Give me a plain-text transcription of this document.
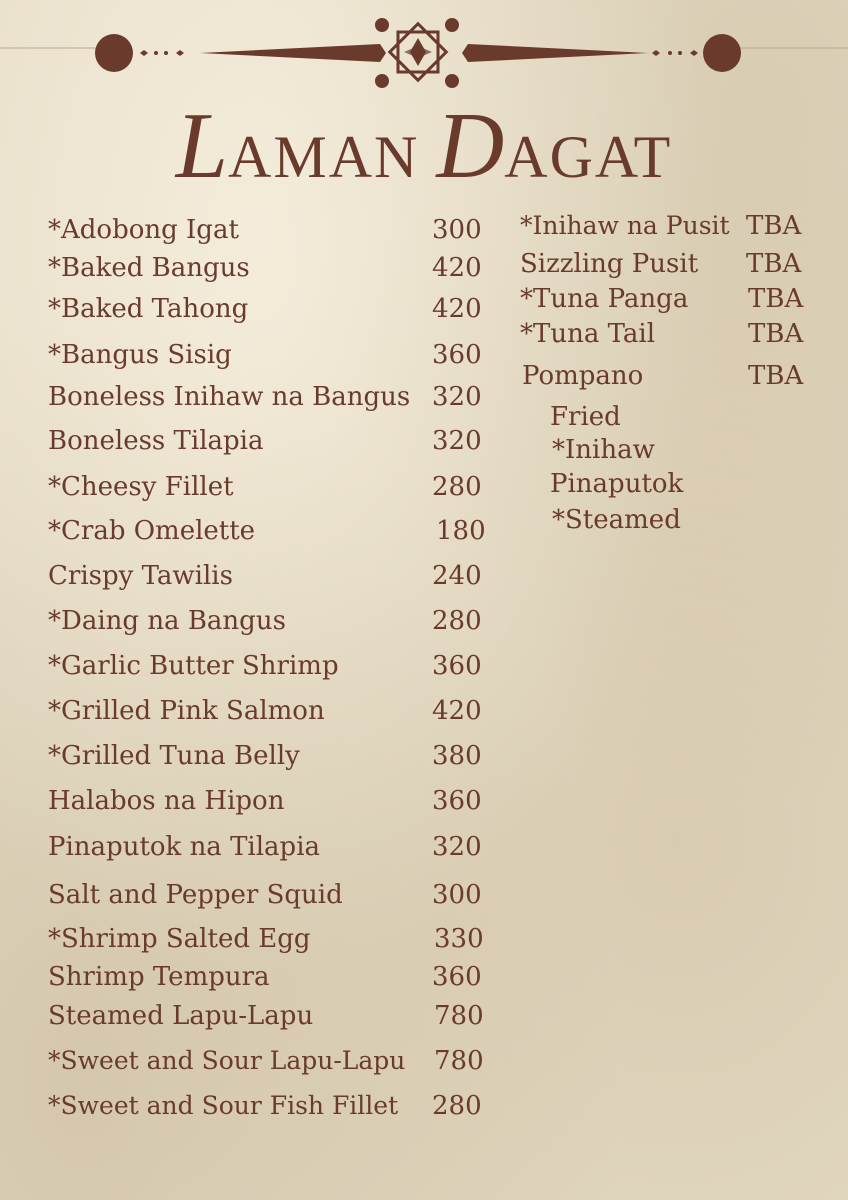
LAMAN DAGAT
*Adobong Igat	300
*Baked Bangus	420
*Baked Tahong	420
*Bangus Sisig	360
Boneless Inihaw na Bangus 320
Boneless Tilapia	320
*Cheesy Fillet	280
*Crab Omelette	180
Crispy Tawilis	240
*Daing na Bangus	280
*Garlic Butter Shrimp	360
*Grilled Pink Salmon	420
*Grilled Tuna Belly	380
Halabos na Hipon	360
Pinaputok na Tilapia	320
Salt and Pepper Squid	300
*Shrimp Salted Egg	330
Shrimp Tempura	360
Steamed Lapu-Lapu	780
*Sweet and Sour Lapu-Lapu 780
*Sweet and Sour Fish Fillet 280
*Inihaw na Pusit TBA
Sizzling Pusit TBA
*Tuna Panga TBA
*Tuna Tail	TBA
Pompano	TBA
Fried
*Inihaw
Pinaputok
*Steamed
